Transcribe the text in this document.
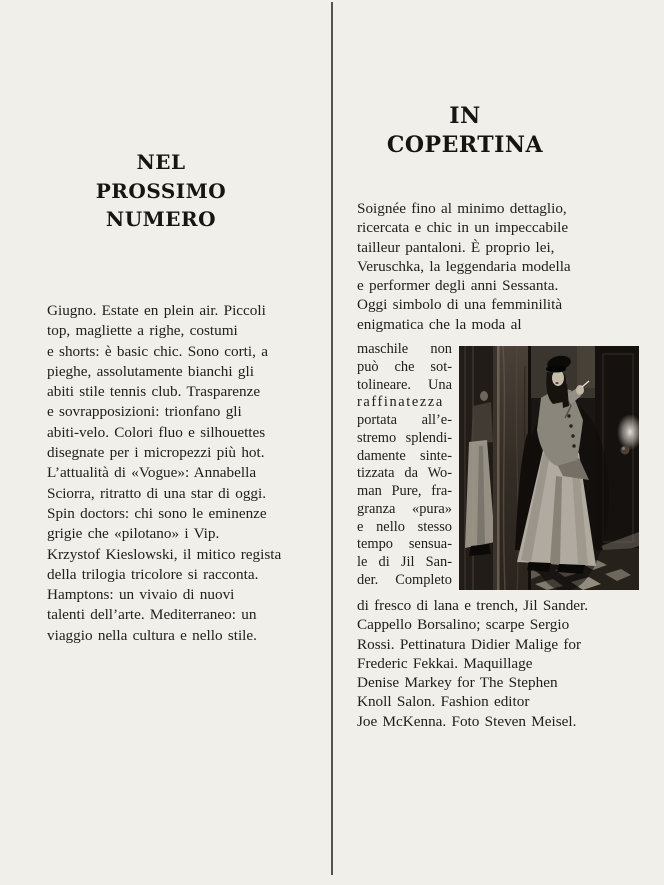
NEL
PROSSIMO
NUMERO
Giugno. Estate en plein air. Piccoli
top, magliette a righe, costumi
e shorts: è basic chic. Sono corti, a
pieghe, assolutamente bianchi gli
abiti stile tennis club. Trasparenze
e sovrapposizioni: trionfano gli
abiti-velo. Colori fluo e silhouettes
disegnate per i micropezzi più hot.
L’attualità di «Vogue»: Annabella
Sciorra, ritratto di una star di oggi.
Spin doctors: chi sono le eminenze
grigie che «pilotano» i Vip.
Krzystof Kieslowski, il mitico regista
della trilogia tricolore si racconta.
Hamptons: un vivaio di nuovi
talenti dell’arte. Mediterraneo: un
viaggio nella cultura e nello stile.
IN
COPERTINA
Soignée fino al minimo dettaglio,
ricercata e chic in un impeccabile
tailleur pantaloni. È proprio lei,
Veruschka, la leggendaria modella
e performer degli anni Sessanta.
Oggi simbolo di una femminilità
enigmatica che la moda al
maschile non
può che sot-
tolineare. Una
raffinatezza
portata all’e-
stremo splendi-
damente sinte-
tizzata da Wo-
man Pure, fra-
granza «pura»
e nello stesso
tempo sensua-
le di Jil San-
der. Completo
di fresco di lana e trench, Jil Sander.
Cappello Borsalino; scarpe Sergio
Rossi. Pettinatura Didier Malige for
Frederic Fekkai. Maquillage
Denise Markey for The Stephen
Knoll Salon. Fashion editor
Joe McKenna. Foto Steven Meisel.
